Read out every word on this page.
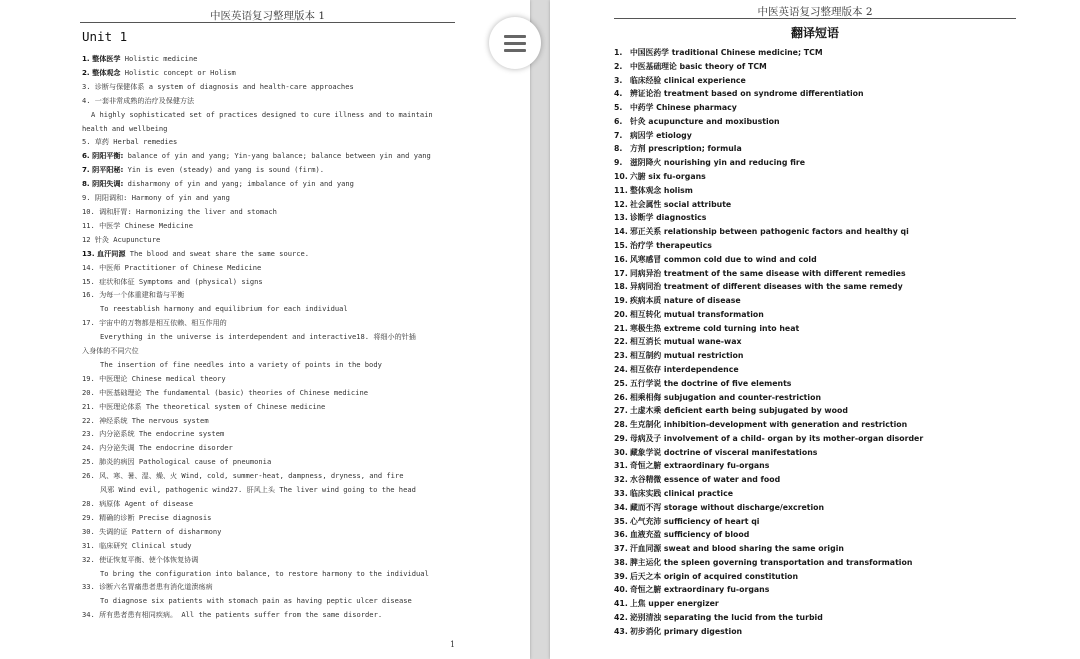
中医英语复习整理版本 1
Unit 1
1. 整体医学 Holistic medicine
2. 整体观念 Holistic concept or Holism
3. 诊断与保健体系 a system of diagnosis and health-care approaches
4. 一套非常成熟的治疗及保健方法
A highly sophisticated set of practices designed to cure illness and to maintain
health and wellbeing
5. 草药 Herbal remedies
6. 阴阳平衡: balance of yin and yang; Yin-yang balance; balance between yin and yang
7. 阴平阳秘: Yin is even (steady) and yang is sound (firm).
8. 阴阳失调: disharmony of yin and yang; imbalance of yin and yang
9. 阴阳调和: Harmony of yin and yang
10. 调和肝胃: Harmonizing the liver and stomach
11. 中医学 Chinese Medicine
12 针灸 Acupuncture
13. 血汗同源 The blood and sweat share the same source.
14. 中医师 Practitioner of Chinese Medicine
15. 症状和体征 Symptoms and (physical) signs
16. 为每一个体重建和谐与平衡
To reestablish harmony and equilibrium for each individual
17. 宇宙中的万物都是相互依赖、相互作用的
Everything in the universe is interdependent and interactive18. 将细小的针插
入身体的不同穴位
The insertion of fine needles into a variety of points in the body
19. 中医理论 Chinese medical theory
20. 中医基础理论 The fundamental (basic) theories of Chinese medicine
21. 中医理论体系 The theoretical system of Chinese medicine
22. 神经系统 The nervous system
23. 内分泌系统 The endocrine system
24. 内分泌失调 The endocrine disorder
25. 肺炎的病因 Pathological cause of pneumonia
26. 风、寒、暑、湿、燥、火 Wind, cold, summer-heat, dampness, dryness, and fire
风邪 Wind evil, pathogenic wind27. 肝风上头 The liver wind going to the head
28. 病原体 Agent of disease
29. 精确的诊断 Precise diagnosis
30. 失调的证 Pattern of disharmony
31. 临床研究 Clinical study
32. 使证恢复平衡、使个体恢复协调
To bring the configuration into balance, to restore harmony to the individual
33. 诊断六名胃痛患者患有消化道溃疡病
To diagnose six patients with stomach pain as having peptic ulcer disease
34. 所有患者患有相同疾病。 All the patients suffer from the same disorder.
1
中医英语复习整理版本 2
翻译短语
1. 中国医药学 traditional Chinese medicine; TCM
2. 中医基础理论 basic theory of TCM
3. 临床经验 clinical experience
4. 辨证论治 treatment based on syndrome differentiation
5. 中药学 Chinese pharmacy
6. 针灸 acupuncture and moxibustion
7. 病因学 etiology
8. 方剂 prescription; formula
9. 滋阴降火 nourishing yin and reducing fire
10. 六腑 six fu-organs
11. 整体观念 holism
12. 社会属性 social attribute
13. 诊断学 diagnostics
14. 邪正关系 relationship between pathogenic factors and healthy qi
15. 治疗学 therapeutics
16. 风寒感冒 common cold due to wind and cold
17. 同病异治 treatment of the same disease with different remedies
18. 异病同治 treatment of different diseases with the same remedy
19. 疾病本质 nature of disease
20. 相互转化 mutual transformation
21. 寒极生热 extreme cold turning into heat
22. 相互消长 mutual wane-wax
23. 相互制约 mutual restriction
24. 相互依存 interdependence
25. 五行学说 the doctrine of five elements
26. 相乘相侮 subjugation and counter-restriction
27. 土虚木乘 deficient earth being subjugated by wood
28. 生克制化 inhibition-development with generation and restriction
29. 母病及子 involvement of a child- organ by its mother-organ disorder
30. 藏象学说 doctrine of visceral manifestations
31. 奇恒之腑 extraordinary fu-organs
32. 水谷精微 essence of water and food
33. 临床实践 clinical practice
34. 藏而不泻 storage without discharge/excretion
35. 心气充沛 sufficiency of heart qi
36. 血液充盈 sufficiency of blood
37. 汗血同源 sweat and blood sharing the same origin
38. 脾主运化 the spleen governing transportation and transformation
39. 后天之本 origin of acquired constitution
40. 奇恒之腑 extraordinary fu-organs
41. 上焦 upper energizer
42. 泌别清浊 separating the lucid from the turbid
43. 初步消化 primary digestion
